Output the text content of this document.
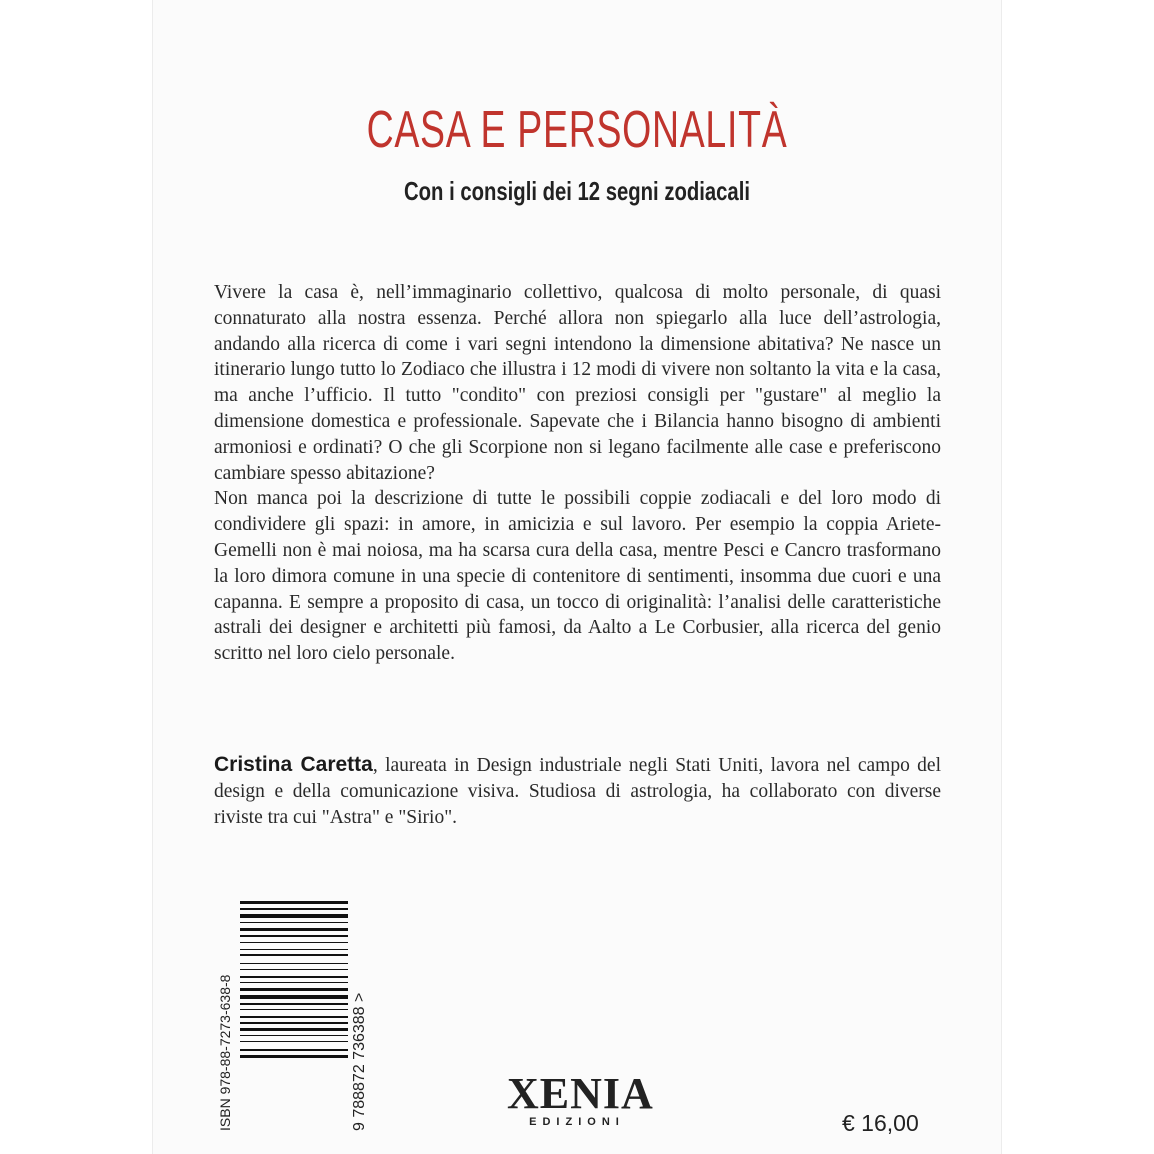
CASA E PERSONALITÀ
Con i consigli dei 12 segni zodiacali

Vivere la casa è, nell’immaginario collettivo, qualcosa di molto personale, di quasi connaturato alla nostra essenza. Perché allora non spiegarlo alla luce dell’astrologia, andando alla ricerca di come i vari segni intendono la dimensione abitativa? Ne nasce un itinerario lungo tutto lo Zodiaco che illustra i 12 modi di vivere non soltanto la vita e la casa, ma anche l’ufficio. Il tutto "condito" con preziosi consigli per "gustare" al meglio la dimensione domestica e professionale. Sapevate che i Bilancia hanno bisogno di ambienti armoniosi e ordinati? O che gli Scorpione non si legano facilmente alle case e preferiscono cambiare spesso abitazione?

Non manca poi la descrizione di tutte le possibili coppie zodiacali e del loro modo di condividere gli spazi: in amore, in amicizia e sul lavoro. Per esempio la coppia Ariete-Gemelli non è mai noiosa, ma ha scarsa cura della casa, mentre Pesci e Cancro trasformano la loro dimora comune in una specie di contenitore di sentimenti, insomma due cuori e una capanna. E sempre a proposito di casa, un tocco di originalità: l’analisi delle caratteristiche astrali dei designer e architetti più famosi, da Aalto a Le Corbusier, alla ricerca del genio scritto nel loro cielo personale.

Cristina Caretta, laureata in Design industriale negli Stati Uniti, lavora nel campo del design e della comunicazione visiva. Studiosa di astrologia, ha collaborato con diverse riviste tra cui "Astra" e "Sirio".
ISBN 978-88-7273-638-8	9 788872 736388 >	XENIA
EDIZIONI	€ 16,00
